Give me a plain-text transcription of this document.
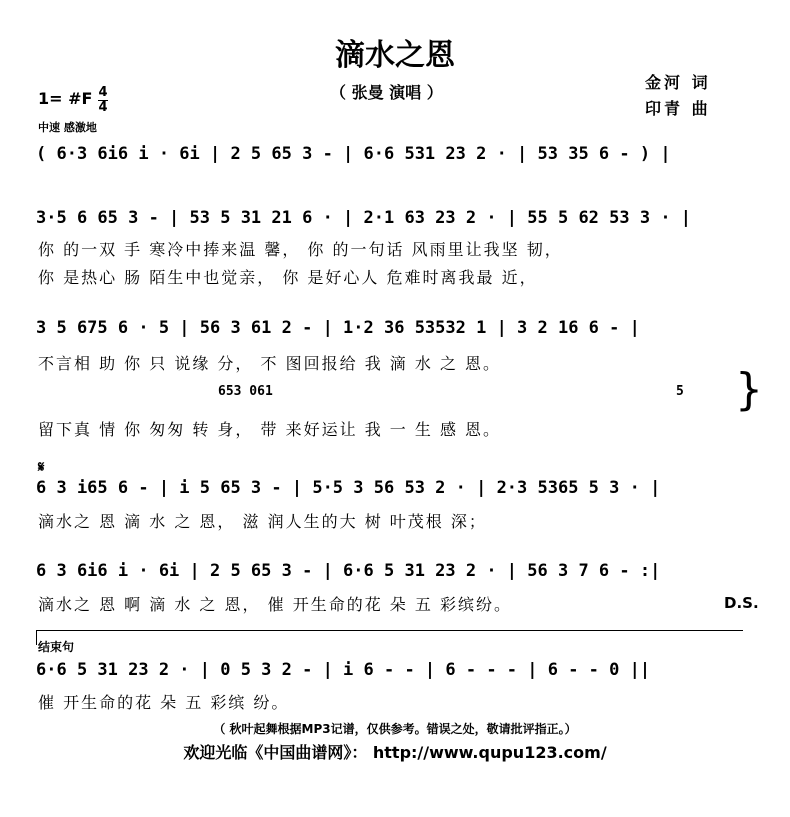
滴水之恩
（ 张曼 演唱 ）
金河 词
印青 曲
1= #F 4
4
中速 感激地
( 6·3 6i6 i · 6i | 2 5 65 3 - | 6·6 531 23 2 · | 53 35 6 - ) |
3·5 6 65 3 - | 53 5 31 21 6 · | 2·1 63 23 2 · | 55 5 62 53 3 · |
你 的一双 手 寒冷中捧来温 馨， 你 的一句话 风雨里让我坚 韧，
你 是热心 肠 陌生中也觉亲， 你 是好心人 危难时离我最 近，
3 5 675 6 · 5 | 56 3 61 2 - | 1·2 36 53532 1 | 3 2 16 6 - |
不言相 助 你 只 说缘 分， 不 图回报给 我 滴 水 之 恩。
653 061	5
留下真 情 你 匆匆 转 身， 带 来好运让 我 一 生 感 恩。
}
𝄋
6 3 i65 6 - | i 5 65 3 - | 5·5 3 56 53 2 · | 2·3 5365 5 3 · |
滴水之 恩 滴 水 之 恩， 滋 润人生的大 树 叶茂根 深；
6 3 6i6 i · 6i | 2 5 65 3 - | 6·6 5 31 23 2 · | 56 3 7 6 - :|
滴水之 恩 啊 滴 水 之 恩， 催 开生命的花 朵 五 彩缤纷。	D.S.
结束句
6·6 5 31 23 2 · | 0 5 3 2 - | i 6 - - | 6 - - - | 6 - - 0 ||
催 开生命的花 朵 五 彩缤 纷。
（ 秋叶起舞根据MP3记谱，仅供参考。错误之处，敬请批评指正。）
欢迎光临《中国曲谱网》： http://www.qupu123.com/
